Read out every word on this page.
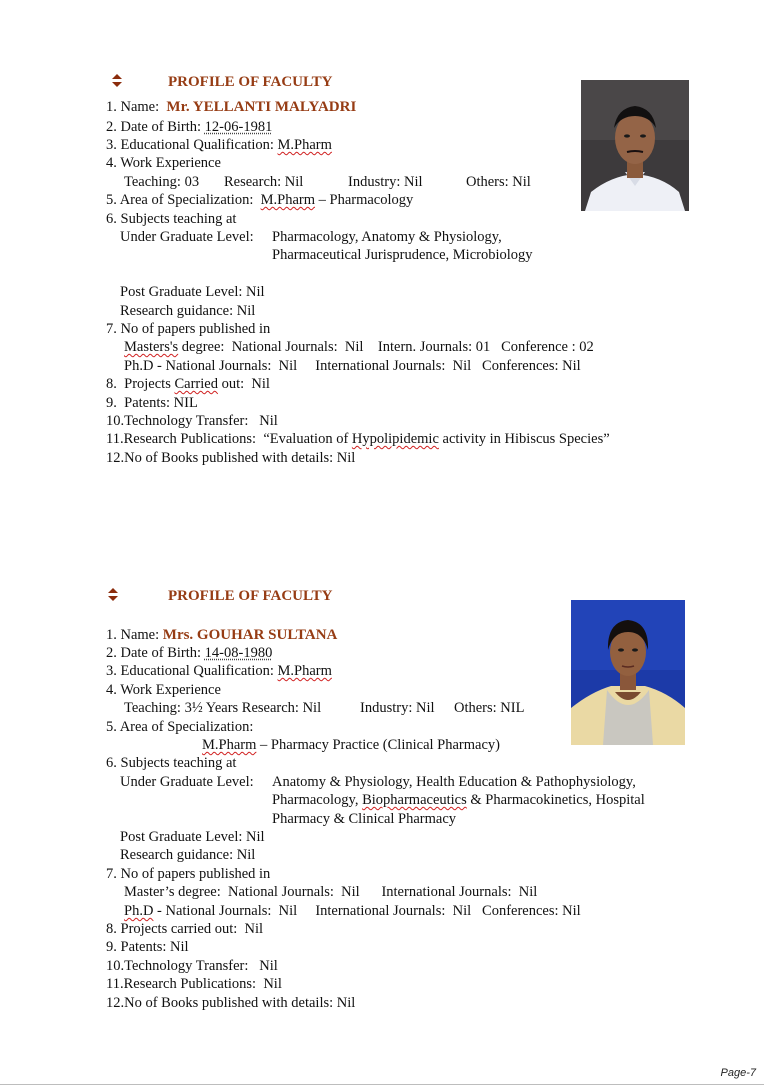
PROFILE OF FACULTY
1. Name: Mr. YELLANTI MALYADRI
2. Date of Birth: 12-06-1981
3. Educational Qualification: M.Pharm
4. Work Experience
Teaching: 03 Research: Nil	Industry: Nil	Others: Nil
5. Area of Specialization: M.Pharm – Pharmacology
6. Subjects teaching at
Under Graduate Level: Pharmacology, Anatomy & Physiology,
Pharmaceutical Jurisprudence, Microbiology
Post Graduate Level: Nil
Research guidance: Nil
7. No of papers published in
Masters's degree:  National Journals:  Nil    Intern. Journals: 01   Conference : 02
Ph.D - National Journals:  Nil     International Journals:  Nil   Conferences: Nil
8.  Projects Carried out:  Nil
9.  Patents: NIL
10.Technology Transfer:   Nil
11.Research Publications:  “Evaluation of Hypolipidemic activity in Hibiscus Species”
12.No of Books published with details: Nil
PROFILE OF FACULTY
1. Name: Mrs. GOUHAR SULTANA
2. Date of Birth: 14-08-1980
3. Educational Qualification: M.Pharm
4. Work Experience
Teaching: 3½ Years Research: Nil	Industry: Nil Others: NIL
5. Area of Specialization:
M.Pharm – Pharmacy Practice (Clinical Pharmacy)
6. Subjects teaching at
Under Graduate Level: Anatomy & Physiology, Health Education & Pathophysiology,
Pharmacology, Biopharmaceutics & Pharmacokinetics, Hospital
Pharmacy & Clinical Pharmacy
Post Graduate Level: Nil
Research guidance: Nil
7. No of papers published in
Master’s degree:  National Journals:  Nil      International Journals:  Nil
Ph.D - National Journals:  Nil     International Journals:  Nil   Conferences: Nil
8. Projects carried out:  Nil
9. Patents: Nil
10.Technology Transfer:   Nil
11.Research Publications:  Nil
12.No of Books published with details: Nil
Page-7
